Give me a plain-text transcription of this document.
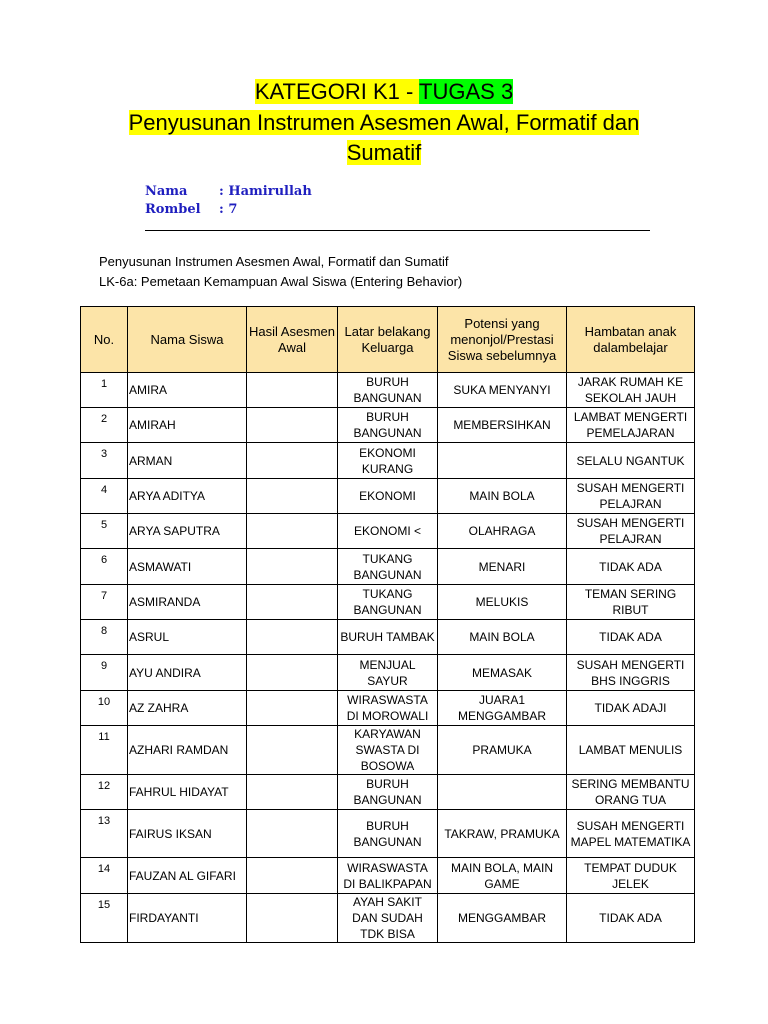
KATEGORI K1 - TUGAS 3
Penyusunan Instrumen Asesmen Awal, Formatif dan
Sumatif
Nama	: Hamirullah
Rombel	: 7
Penyusunan Instrumen Asesmen Awal, Formatif dan Sumatif
LK-6a: Pemetaan Kemampuan Awal Siswa (Entering Behavior)
No.	Nama Siswa	Hasil Asesmen Awal	Latar belakang Keluarga	Potensi yang menonjol/Prestasi Siswa sebelumnya	Hambatan anak dalambelajar
1	AMIRA		BURUH BANGUNAN	SUKA MENYANYI	JARAK RUMAH KE SEKOLAH JAUH
2	AMIRAH		BURUH BANGUNAN	MEMBERSIHKAN	LAMBAT MENGERTI PEMELAJARAN
3	ARMAN		EKONOMI KURANG		SELALU NGANTUK
4	ARYA ADITYA		EKONOMI	MAIN BOLA	SUSAH MENGERTI PELAJRAN
5	ARYA SAPUTRA		EKONOMI <	OLAHRAGA	SUSAH MENGERTI PELAJRAN
6	ASMAWATI		TUKANG BANGUNAN	MENARI	TIDAK ADA
7	ASMIRANDA		TUKANG BANGUNAN	MELUKIS	TEMAN SERING RIBUT
8	ASRUL		BURUH TAMBAK	MAIN BOLA	TIDAK ADA
9	AYU ANDIRA		MENJUAL SAYUR	MEMASAK	SUSAH MENGERTI BHS INGGRIS
10	AZ ZAHRA		WIRASWASTA DI MOROWALI	JUARA1 MENGGAMBAR	TIDAK ADAJI
11	AZHARI RAMDAN		KARYAWAN SWASTA DI BOSOWA	PRAMUKA	LAMBAT MENULIS
12	FAHRUL HIDAYAT		BURUH BANGUNAN		SERING MEMBANTU ORANG TUA
13	FAIRUS IKSAN		BURUH BANGUNAN	TAKRAW, PRAMUKA	SUSAH MENGERTI MAPEL MATEMATIKA
14	FAUZAN AL GIFARI		WIRASWASTA DI BALIKPAPAN	MAIN BOLA, MAIN GAME	TEMPAT DUDUK JELEK
15	FIRDAYANTI		AYAH SAKIT DAN SUDAH TDK BISA	MENGGAMBAR	TIDAK ADA
